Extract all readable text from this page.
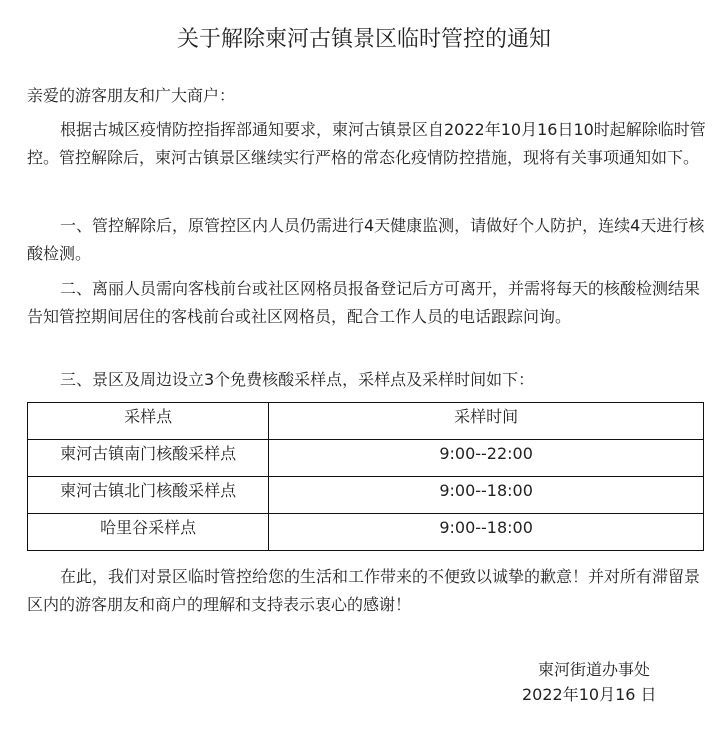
关于解除柬河古镇景区临时管控的通知

亲爱的游客朋友和广大商户：

根据古城区疫情防控指挥部通知要求，柬河古镇景区自2022年10月16日10时起解除临时管控。管控解除后，柬河古镇景区继续实行严格的常态化疫情防控措施，现将有关事项通知如下。

一、管控解除后，原管控区内人员仍需进行4天健康监测，请做好个人防护，连续4天进行核酸检测。

二、离丽人员需向客栈前台或社区网格员报备登记后方可离开，并需将每天的核酸检测结果告知管控期间居住的客栈前台或社区网格员，配合工作人员的电话跟踪问询。

三、景区及周边设立3个免费核酸采样点，采样点及采样时间如下：

采样点	采样时间
柬河古镇南门核酸采样点	9:00--22:00
柬河古镇北门核酸采样点	9:00--18:00
哈里谷采样点	9:00--18:00

在此，我们对景区临时管控给您的生活和工作带来的不便致以诚挚的歉意！并对所有滞留景区内的游客朋友和商户的理解和支持表示衷心的感谢！

柬河街道办事处
2022年10月16 日
